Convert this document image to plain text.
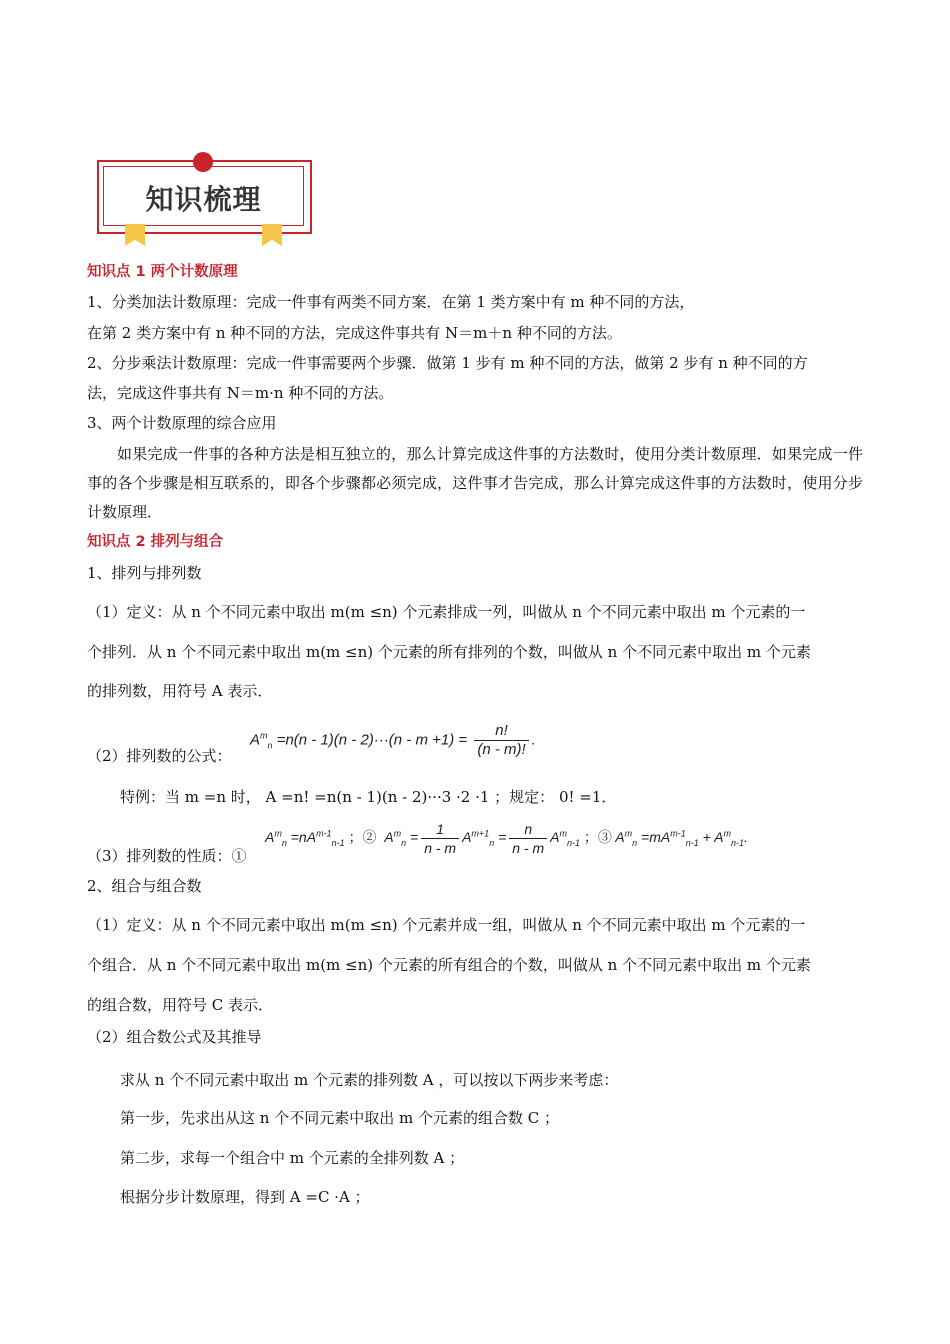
知识梳理
知识点 1 两个计数原理
1、分类加法计数原理：完成一件事有两类不同方案．在第 1 类方案中有 m 种不同的方法，
在第 2 类方案中有 n 种不同的方法，完成这件事共有 N＝m＋n 种不同的方法。
2、分步乘法计数原理：完成一件事需要两个步骤．做第 1 步有 m 种不同的方法，做第 2 步有 n 种不同的方
法，完成这件事共有 N＝m·n 种不同的方法。
3、两个计数原理的综合应用
如果完成一件事的各种方法是相互独立的，那么计算完成这件事的方法数时，使用分类计数原理．如果完成一件事的各个步骤是相互联系的，即各个步骤都必须完成，这件事才告完成，那么计算完成这件事的方法数时，使用分步计数原理．
知识点 2 排列与组合
1、排列与排列数
（1）定义：从 n 个不同元素中取出 m(m ≤n) 个元素排成一列，叫做从 n 个不同元素中取出 m 个元素的一
个排列．从 n 个不同元素中取出 m(m ≤n) 个元素的所有排列的个数，叫做从 n 个不同元素中取出 m 个元素
的排列数，用符号 A 表示．
（2）排列数的公式：
$A^m_n =n(n - 1)(n - 2)\cdot\cdot\cdot(n - m +1) = \frac{n!}{(n - m)!}$ .
特例：当 m =n 时， A =n! =n(n - 1)(n - 2)···3 ·2 ·1 ；规定： 0! =1．
（3）排列数的性质：①
$A^m_n =nA^{m-1}_{n-1}$ ；②  $A^m_n = \frac{1}{n - m} A^{m+1}_n = \frac{n}{n - m} A^m_{n-1}$ ；③ $A^m_n =mA^{m-1}_{n-1} + A^m_{n-1}$.
2、组合与组合数
（1）定义：从 n 个不同元素中取出 m(m ≤n) 个元素并成一组，叫做从 n 个不同元素中取出 m 个元素的一
个组合．从 n 个不同元素中取出 m(m ≤n) 个元素的所有组合的个数，叫做从 n 个不同元素中取出 m 个元素
的组合数，用符号 C 表示．
（2）组合数公式及其推导
求从 n 个不同元素中取出 m 个元素的排列数 A ，可以按以下两步来考虑：
第一步，先求出从这 n 个不同元素中取出 m 个元素的组合数 C ；
第二步，求每一个组合中 m 个元素的全排列数 A ；
根据分步计数原理，得到 A =C ·A ；
